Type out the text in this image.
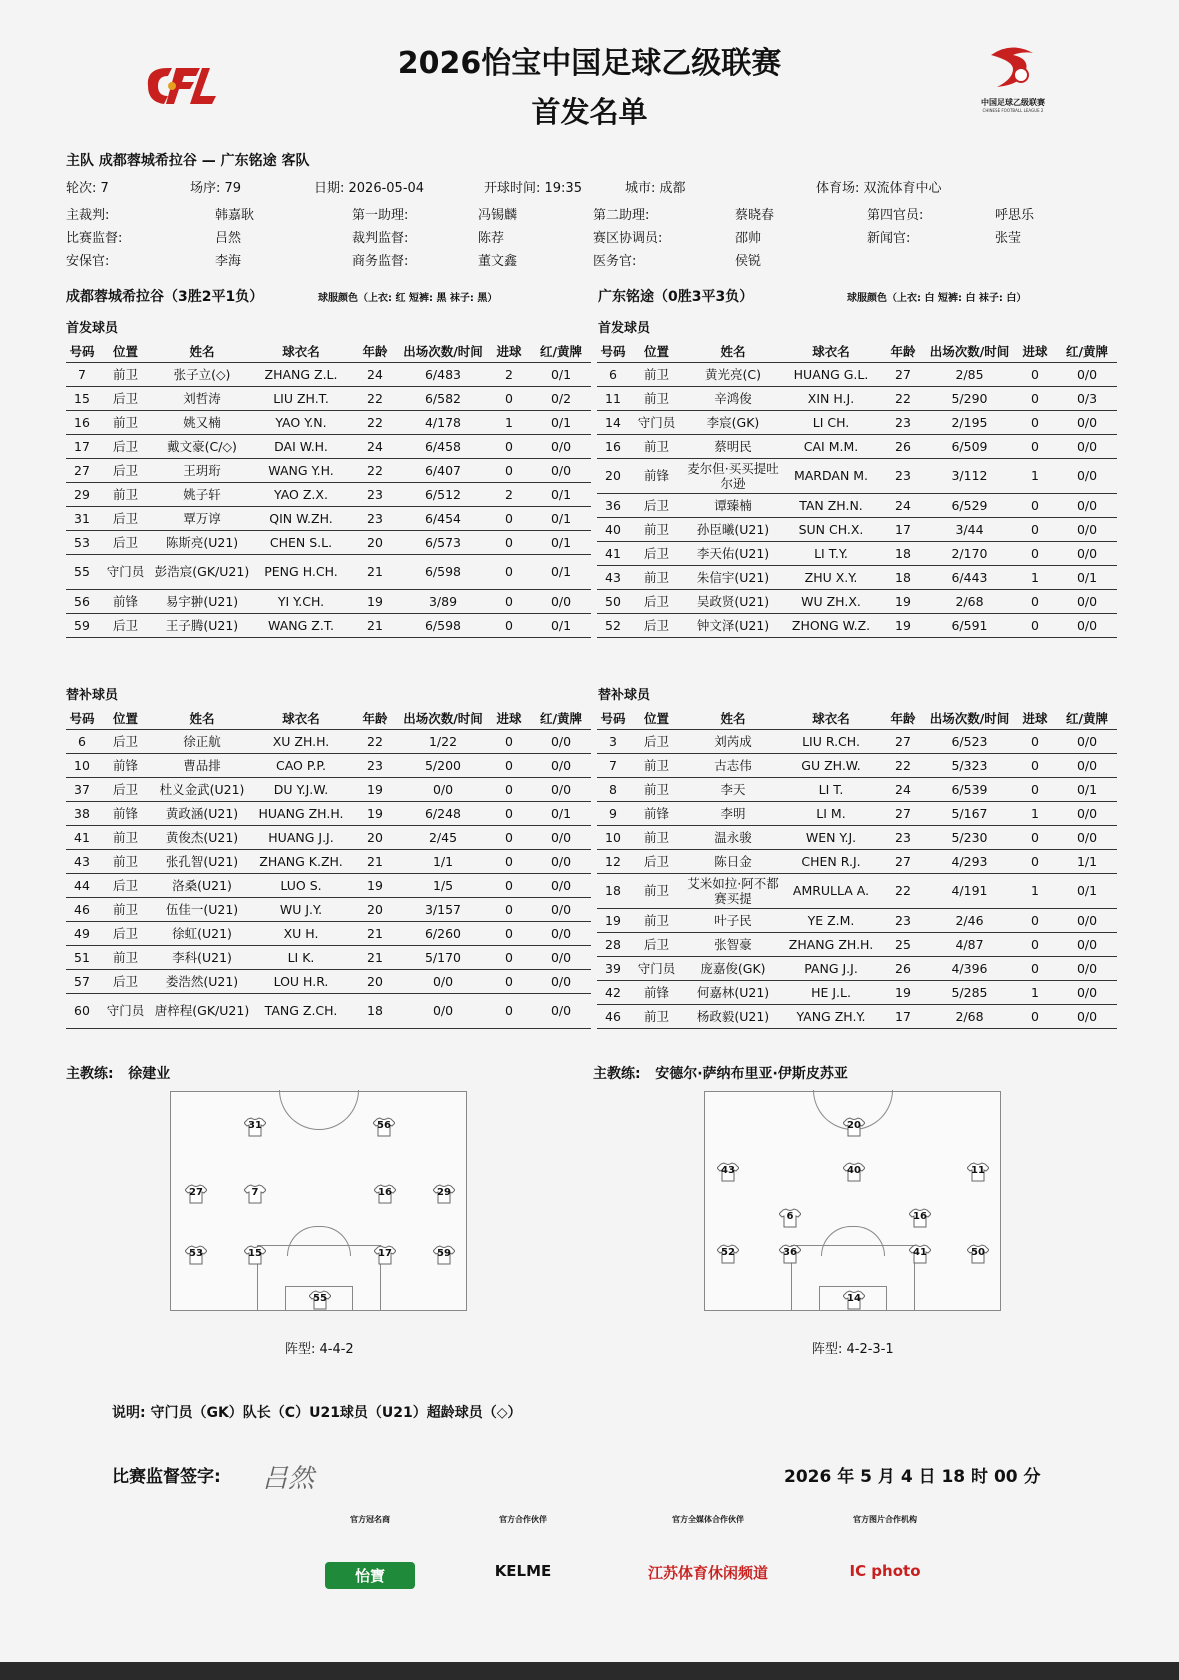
中国足球乙级联赛
CHINESE FOOTBALL LEAGUE 2
2026怡宝中国足球乙级联赛
首发名单
主队 成都蓉城希拉谷 — 广东铭途 客队
轮次: 7	场序: 79	日期: 2026-05-04	开球时间: 19:35	城市: 成都	体育场: 双流体育中心
主裁判:	韩嘉耿	第一助理:	冯锡麟	第二助理:	蔡晓春	第四官员:	呼思乐
比赛监督:	吕然	裁判监督:	陈荐	赛区协调员:	邵帅	新闻官:	张莹
安保官:	李海	商务监督:	董文鑫	医务官:	侯锐
成都蓉城希拉谷（3胜2平1负）	球服颜色（上衣: 红 短裤: 黑 袜子: 黑）	广东铭途（0胜3平3负）	球服颜色（上衣: 白 短裤: 白 袜子: 白）
首发球员	首发球员
号码	位置	姓名	球衣名	年龄	出场次数/时间	进球	红/黄牌
7	前卫	张子立(◇)	ZHANG Z.L.	24	6/483	2	0/1
15	后卫	刘哲涛	LIU ZH.T.	22	6/582	0	0/2
16	前卫	姚又楠	YAO Y.N.	22	4/178	1	0/1
17	后卫	戴文豪(C/◇)	DAI W.H.	24	6/458	0	0/0
27	后卫	王玥珩	WANG Y.H.	22	6/407	0	0/0
29	前卫	姚子轩	YAO Z.X.	23	6/512	2	0/1
31	后卫	覃万谆	QIN W.ZH.	23	6/454	0	0/1
53	后卫	陈斯亮(U21)	CHEN S.L.	20	6/573	0	0/1
55	守门员	彭浩宸(GK/U21)	PENG H.CH.	21	6/598	0	0/1
56	前锋	易宇翀(U21)	YI Y.CH.	19	3/89	0	0/0
59	后卫	王子腾(U21)	WANG Z.T.	21	6/598	0	0/1
号码	位置	姓名	球衣名	年龄	出场次数/时间	进球	红/黄牌
6	前卫	黄光亮(C)	HUANG G.L.	27	2/85	0	0/0
11	前卫	辛鸿俊	XIN H.J.	22	5/290	0	0/3
14	守门员	李宸(GK)	LI CH.	23	2/195	0	0/0
16	前卫	蔡明民	CAI M.M.	26	6/509	0	0/0
20	前锋	麦尔但·买买提吐尔逊	MARDAN M.	23	3/112	1	0/0
36	后卫	谭臻楠	TAN ZH.N.	24	6/529	0	0/0
40	前卫	孙臣曦(U21)	SUN CH.X.	17	3/44	0	0/0
41	后卫	李天佑(U21)	LI T.Y.	18	2/170	0	0/0
43	前卫	朱信宇(U21)	ZHU X.Y.	18	6/443	1	0/1
50	后卫	吴政贤(U21)	WU ZH.X.	19	2/68	0	0/0
52	后卫	钟文泽(U21)	ZHONG W.Z.	19	6/591	0	0/0
替补球员	替补球员
号码	位置	姓名	球衣名	年龄	出场次数/时间	进球	红/黄牌
6	后卫	徐正航	XU ZH.H.	22	1/22	0	0/0
10	前锋	曹品排	CAO P.P.	23	5/200	0	0/0
37	后卫	杜义金武(U21)	DU Y.J.W.	19	0/0	0	0/0
38	前锋	黄政涵(U21)	HUANG ZH.H.	19	6/248	0	0/1
41	前卫	黄俊杰(U21)	HUANG J.J.	20	2/45	0	0/0
43	前卫	张孔智(U21)	ZHANG K.ZH.	21	1/1	0	0/0
44	后卫	洛桑(U21)	LUO S.	19	1/5	0	0/0
46	前卫	伍佳一(U21)	WU J.Y.	20	3/157	0	0/0
49	后卫	徐虹(U21)	XU H.	21	6/260	0	0/0
51	前卫	李科(U21)	LI K.	21	5/170	0	0/0
57	后卫	娄浩然(U21)	LOU H.R.	20	0/0	0	0/0
60	守门员	唐梓程(GK/U21)	TANG Z.CH.	18	0/0	0	0/0
号码	位置	姓名	球衣名	年龄	出场次数/时间	进球	红/黄牌
3	后卫	刘芮成	LIU R.CH.	27	6/523	0	0/0
7	前卫	古志伟	GU ZH.W.	22	5/323	0	0/0
8	前卫	李天	LI T.	24	6/539	0	0/1
9	前锋	李明	LI M.	27	5/167	1	0/0
10	前卫	温永骏	WEN Y.J.	23	5/230	0	0/0
12	后卫	陈日金	CHEN R.J.	27	4/293	0	1/1
18	前卫	艾米如拉·阿不都赛买提	AMRULLA A.	22	4/191	1	0/1
19	前卫	叶子民	YE Z.M.	23	2/46	0	0/0
28	后卫	张智豪	ZHANG ZH.H.	25	4/87	0	0/0
39	守门员	庞嘉俊(GK)	PANG J.J.	26	4/396	0	0/0
42	前锋	何嘉林(U21)	HE J.L.	19	5/285	1	0/0
46	前卫	杨政毅(U21)	YANG ZH.Y.	17	2/68	0	0/0
主教练: 徐建业	主教练: 安德尔·萨纳布里亚·伊斯皮苏亚
31	56
27	7	16	29
53	15	17	59
55
20
43	40	11
6	16
52	36	41	50
14
阵型: 4-4-2	阵型: 4-2-3-1
说明: 守门员（GK）队长（C）U21球员（U21）超龄球员（◇）
比赛监督签字: 吕然	2026 年 5 月 4 日 18 时 00 分
官方冠名商
怡寶
官方合作伙伴
KELME
官方全媒体合作伙伴
江苏体育休闲频道
官方图片合作机构
IC photo
